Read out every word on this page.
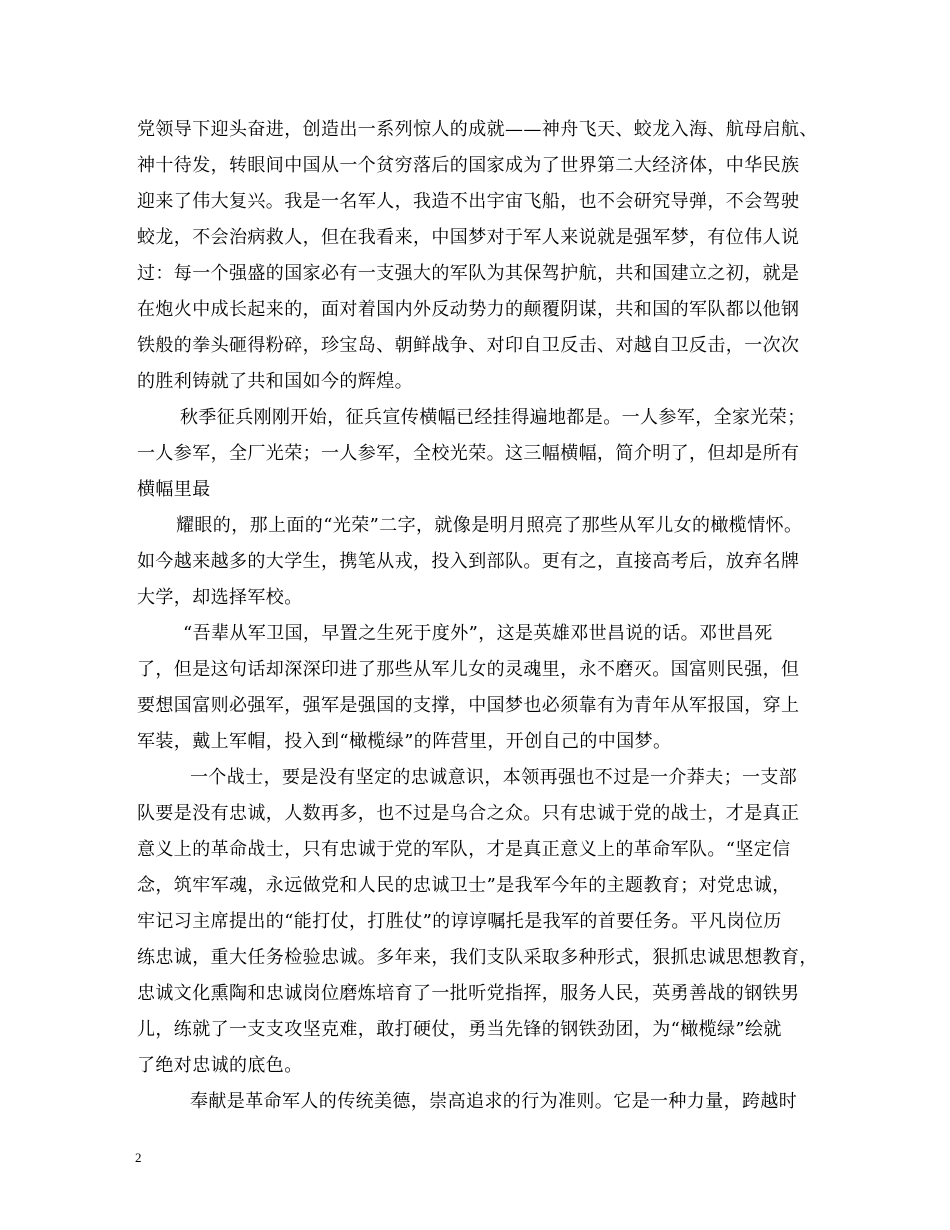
党领导下迎头奋进，创造出一系列惊人的成就——神舟飞天、蛟龙入海、航母启航、
神十待发，转眼间中国从一个贫穷落后的国家成为了世界第二大经济体，中华民族
迎来了伟大复兴。我是一名军人，我造不出宇宙飞船，也不会研究导弹，不会驾驶
蛟龙，不会治病救人，但在我看来，中国梦对于军人来说就是强军梦，有位伟人说
过：每一个强盛的国家必有一支强大的军队为其保驾护航，共和国建立之初，就是
在炮火中成长起来的，面对着国内外反动势力的颠覆阴谋，共和国的军队都以他钢
铁般的拳头砸得粉碎，珍宝岛、朝鲜战争、对印自卫反击、对越自卫反击，一次次
的胜利铸就了共和国如今的辉煌。
秋季征兵刚刚开始，征兵宣传横幅已经挂得遍地都是。一人参军，全家光荣；
一人参军，全厂光荣；一人参军，全校光荣。这三幅横幅，简介明了，但却是所有
横幅里最
耀眼的，那上面的“光荣”二字，就像是明月照亮了那些从军儿女的橄榄情怀。
如今越来越多的大学生，携笔从戎，投入到部队。更有之，直接高考后，放弃名牌
大学，却选择军校。
“吾辈从军卫国，早置之生死于度外”，这是英雄邓世昌说的话。邓世昌死
了，但是这句话却深深印进了那些从军儿女的灵魂里，永不磨灭。国富则民强，但
要想国富则必强军，强军是强国的支撑，中国梦也必须靠有为青年从军报国，穿上
军装，戴上军帽，投入到“橄榄绿”的阵营里，开创自己的中国梦。
一个战士，要是没有坚定的忠诚意识，本领再强也不过是一介莽夫；一支部
队要是没有忠诚，人数再多，也不过是乌合之众。只有忠诚于党的战士，才是真正
意义上的革命战士，只有忠诚于党的军队，才是真正意义上的革命军队。“坚定信
念，筑牢军魂，永远做党和人民的忠诚卫士”是我军今年的主题教育；对党忠诚，
牢记习主席提出的“能打仗，打胜仗”的谆谆嘱托是我军的首要任务。平凡岗位历
练忠诚，重大任务检验忠诚。多年来，我们支队采取多种形式，狠抓忠诚思想教育，
忠诚文化熏陶和忠诚岗位磨炼培育了一批听党指挥，服务人民，英勇善战的钢铁男
儿，练就了一支支攻坚克难，敢打硬仗，勇当先锋的钢铁劲团，为“橄榄绿”绘就
了绝对忠诚的底色。
奉献是革命军人的传统美德，崇高追求的行为准则。它是一种力量，跨越时
2
